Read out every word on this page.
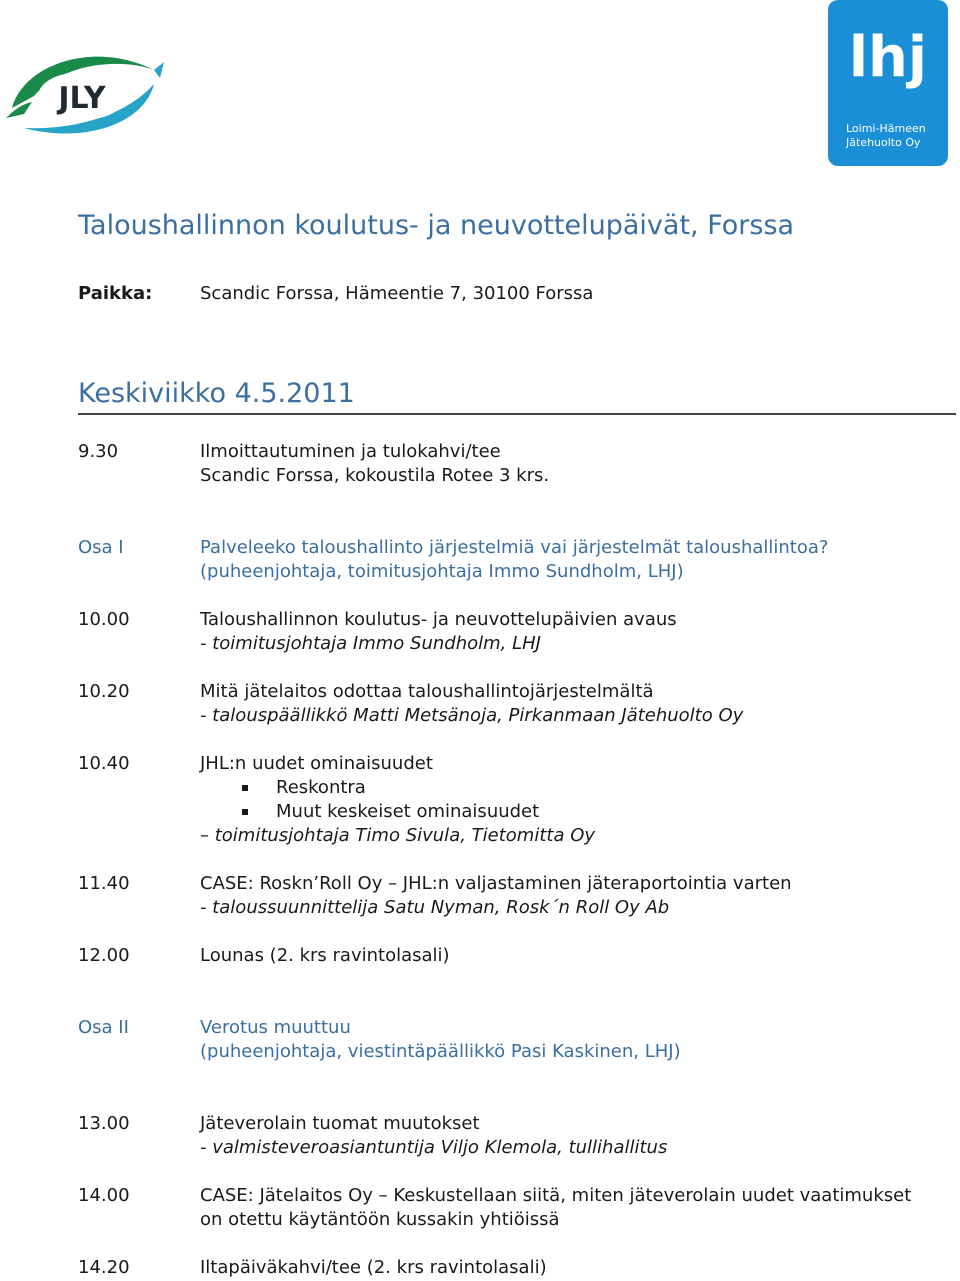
JLY
lhj
Loimi-Hämeen
Jätehuolto Oy
Taloushallinnon koulutus- ja neuvottelupäivät, Forssa
Paikka:	Scandic Forssa, Hämeentie 7, 30100 Forssa
Keskiviikko 4.5.2011
9.30	Ilmoittautuminen ja tulokahvi/tee
Scandic Forssa, kokoustila Rotee 3 krs.
Osa I	Palveleeko taloushallinto järjestelmiä vai järjestelmät taloushallintoa?
(puheenjohtaja, toimitusjohtaja Immo Sundholm, LHJ)
10.00	Taloushallinnon koulutus- ja neuvottelupäivien avaus
- toimitusjohtaja Immo Sundholm, LHJ
10.20	Mitä jätelaitos odottaa taloushallintojärjestelmältä
- talouspäällikkö Matti Metsänoja, Pirkanmaan Jätehuolto Oy
10.40	JHL:n uudet ominaisuudet
Reskontra
Muut keskeiset ominaisuudet
– toimitusjohtaja Timo Sivula, Tietomitta Oy
11.40	CASE: Roskn’Roll Oy – JHL:n valjastaminen jäteraportointia varten
- taloussuunnittelija Satu Nyman, Rosk´n Roll Oy Ab
12.00	Lounas (2. krs ravintolasali)
Osa II	Verotus muuttuu
(puheenjohtaja, viestintäpäällikkö Pasi Kaskinen, LHJ)
13.00	Jäteverolain tuomat muutokset
- valmisteveroasiantuntija Viljo Klemola, tullihallitus
14.00	CASE: Jätelaitos Oy – Keskustellaan siitä, miten jäteverolain uudet vaatimukset
on otettu käytäntöön kussakin yhtiöissä
14.20	Iltapäiväkahvi/tee (2. krs ravintolasali)
